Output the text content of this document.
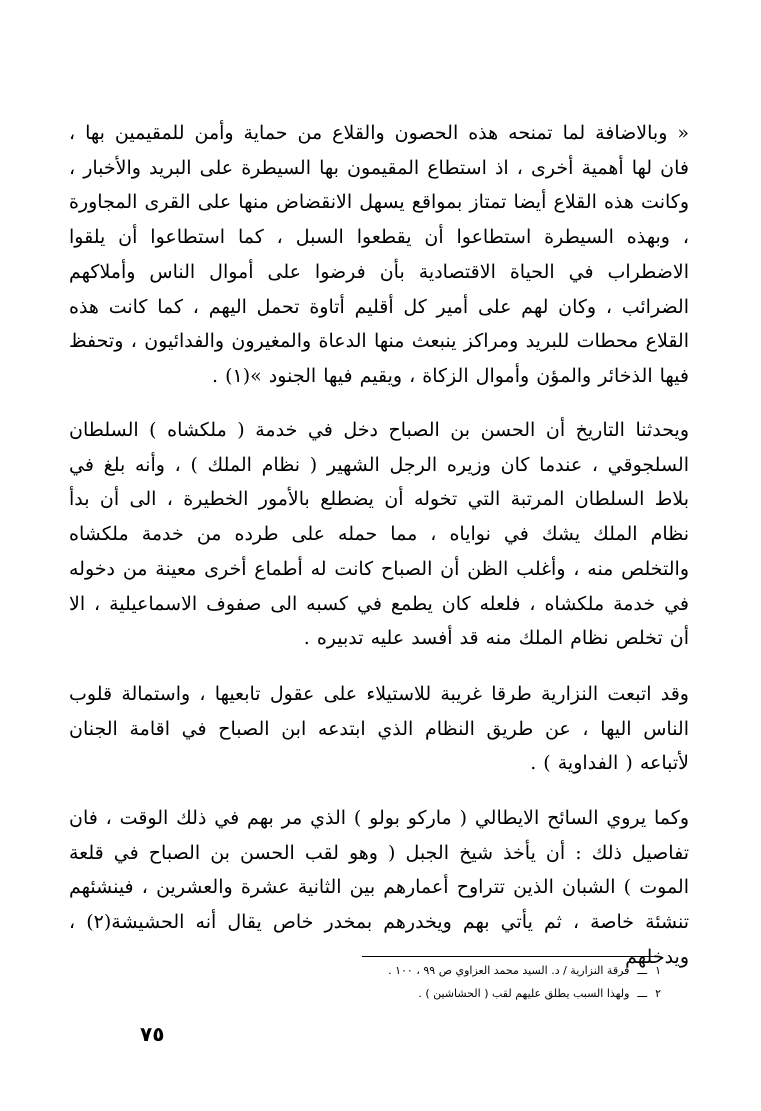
« وبالاضافة لما تمنحه هذه الحصون والقلاع من حماية وأمن للمقيمين بها ، فان لها أهمية أخرى ، اذ استطاع المقيمون بها السيطرة على البريد والأخبار ، وكانت هذه القلاع أيضا تمتاز بمواقع يسهل الانقضاض منها على القرى المجاورة ، وبهذه السيطرة استطاعوا أن يقطعوا السبل ، كما استطاعوا أن يلقوا الاضطراب في الحياة الاقتصادية بأن فرضوا على أموال الناس وأملاكهم الضرائب ، وكان لهم على أمير كل أقليم أتاوة تحمل اليهم ، كما كانت هذه القلاع محطات للبريد ومراكز ينبعث منها الدعاة والمغيرون والفدائيون ، وتحفظ فيها الذخائر والمؤن وأموال الزكاة ، ويقيم فيها الجنود »(١) .

ويحدثنا التاريخ أن الحسن بن الصباح دخل في خدمة ( ملكشاه ) السلطان السلجوقي ، عندما كان وزيره الرجل الشهير ( نظام الملك ) ، وأنه بلغ في بلاط السلطان المرتبة التي تخوله أن يضطلع بالأمور الخطيرة ، الى أن بدأ نظام الملك يشك في نواياه ، مما حمله على طرده من خدمة ملكشاه والتخلص منه ، وأغلب الظن أن الصباح كانت له أطماع أخرى معينة من دخوله في خدمة ملكشاه ، فلعله كان يطمع في كسبه الى صفوف الاسماعيلية ، الا أن تخلص نظام الملك منه قد أفسد عليه تدبيره .

وقد اتبعت النزارية طرقا غريبة للاستيلاء على عقول تابعيها ، واستمالة قلوب الناس اليها ، عن طريق النظام الذي ابتدعه ابن الصباح في اقامة الجنان لأتباعه ( الفداوية ) .

وكما يروي السائح الايطالي ( ماركو بولو ) الذي مر بهم في ذلك الوقت ، فان تفاصيل ذلك : أن يأخذ شيخ الجبل ( وهو لقب الحسن بن الصباح في قلعة الموت ) الشبان الذين تتراوح أعمارهم بين الثانية عشرة والعشرين ، فينشئهم تنشئة خاصة ، ثم يأتي بهم ويخدرهم بمخدر خاص يقال أنه الحشيشة(٢) ، ويدخلهم

١ـــفرقة النزارية / د. السيد محمد العزاوي ص ٩٩ ، ١٠٠ .

٢ـــولهذا السبب يطلق عليهم لقب ( الحشاشين ) .

٧٥
